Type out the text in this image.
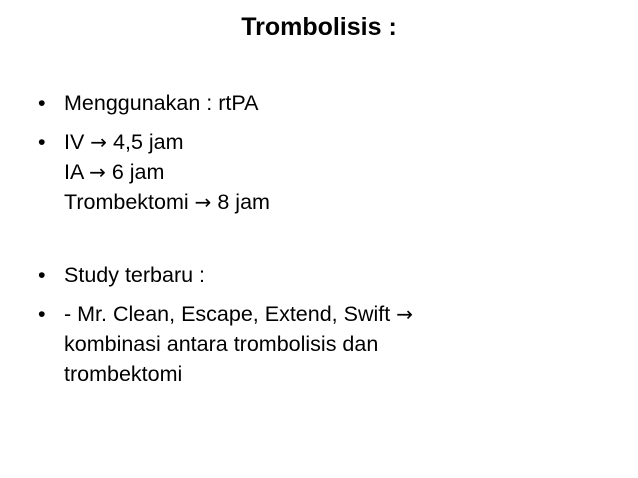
Trombolisis :
• Menggunakan : rtPA
• IV → 4,5 jam
IA → 6 jam
Trombektomi → 8 jam
• Study terbaru :
• - Mr. Clean, Escape, Extend, Swift →
kombinasi antara trombolisis dan
trombektomi
